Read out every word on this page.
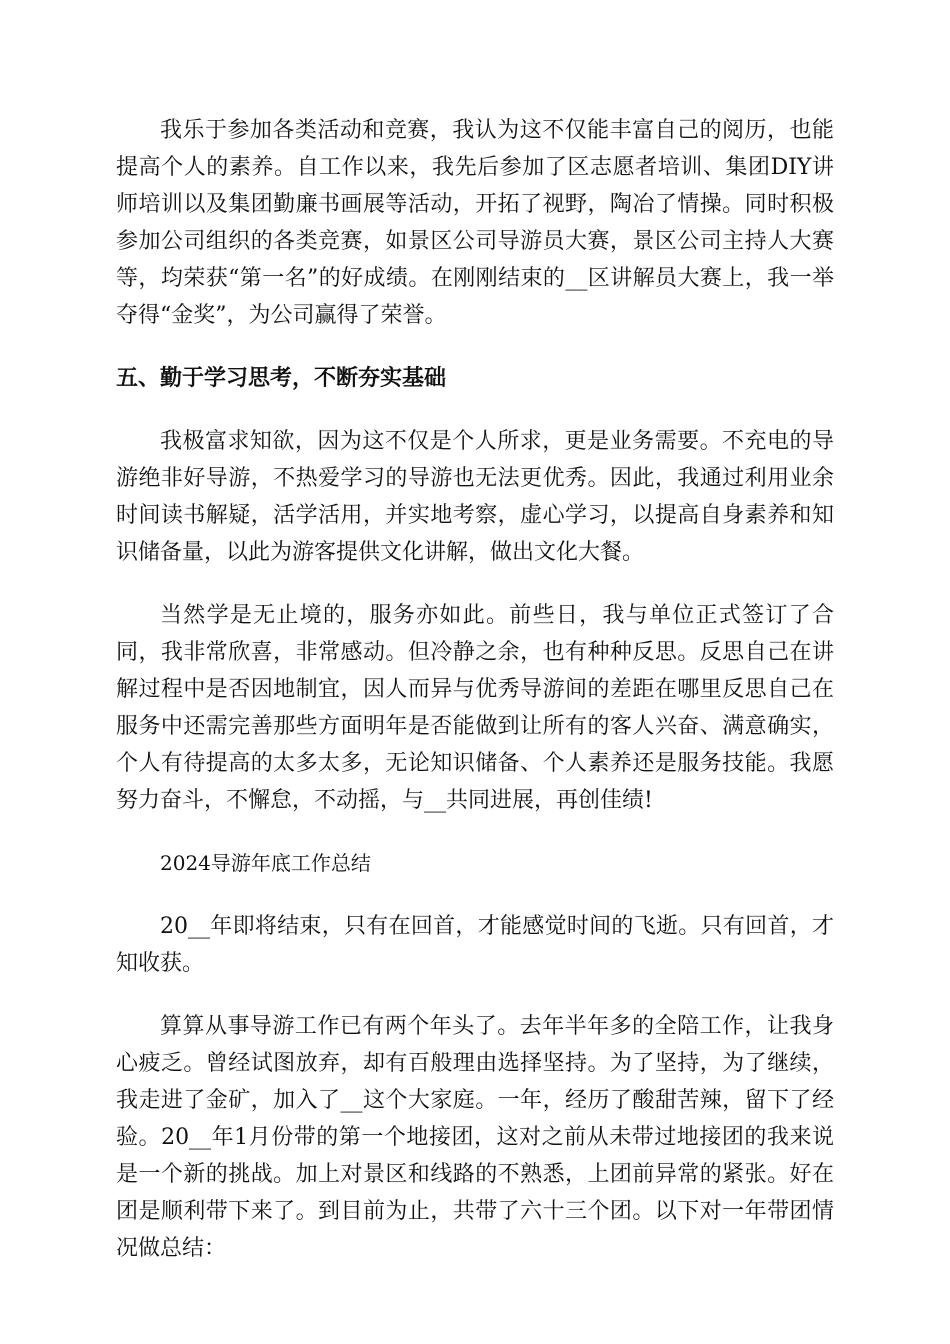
我乐于参加各类活动和竞赛，我认为这不仅能丰富自己的阅历，也能提高个人的素养。自工作以来，我先后参加了区志愿者培训、集团DIY讲师培训以及集团勤廉书画展等活动，开拓了视野，陶冶了情操。同时积极参加公司组织的各类竞赛，如景区公司导游员大赛，景区公司主持人大赛等，均荣获“第一名”的好成绩。在刚刚结束的__区讲解员大赛上，我一举夺得“金奖”，为公司赢得了荣誉。

五、勤于学习思考，不断夯实基础

我极富求知欲，因为这不仅是个人所求，更是业务需要。不充电的导游绝非好导游，不热爱学习的导游也无法更优秀。因此，我通过利用业余时间读书解疑，活学活用，并实地考察，虚心学习，以提高自身素养和知识储备量，以此为游客提供文化讲解，做出文化大餐。

当然学是无止境的，服务亦如此。前些日，我与单位正式签订了合同，我非常欣喜，非常感动。但冷静之余，也有种种反思。反思自己在讲解过程中是否因地制宜，因人而异与优秀导游间的差距在哪里反思自己在服务中还需完善那些方面明年是否能做到让所有的客人兴奋、满意确实，个人有待提高的太多太多，无论知识储备、个人素养还是服务技能。我愿努力奋斗，不懈怠，不动摇，与__共同进展，再创佳绩!

2024导游年底工作总结

20__年即将结束，只有在回首，才能感觉时间的飞逝。只有回首，才知收获。

算算从事导游工作已有两个年头了。去年半年多的全陪工作，让我身心疲乏。曾经试图放弃，却有百般理由选择坚持。为了坚持，为了继续，我走进了金矿，加入了__这个大家庭。一年，经历了酸甜苦辣，留下了经验。20__年1月份带的第一个地接团，这对之前从未带过地接团的我来说是一个新的挑战。加上对景区和线路的不熟悉，上团前异常的紧张。好在团是顺利带下来了。到目前为止，共带了六十三个团。以下对一年带团情况做总结：
